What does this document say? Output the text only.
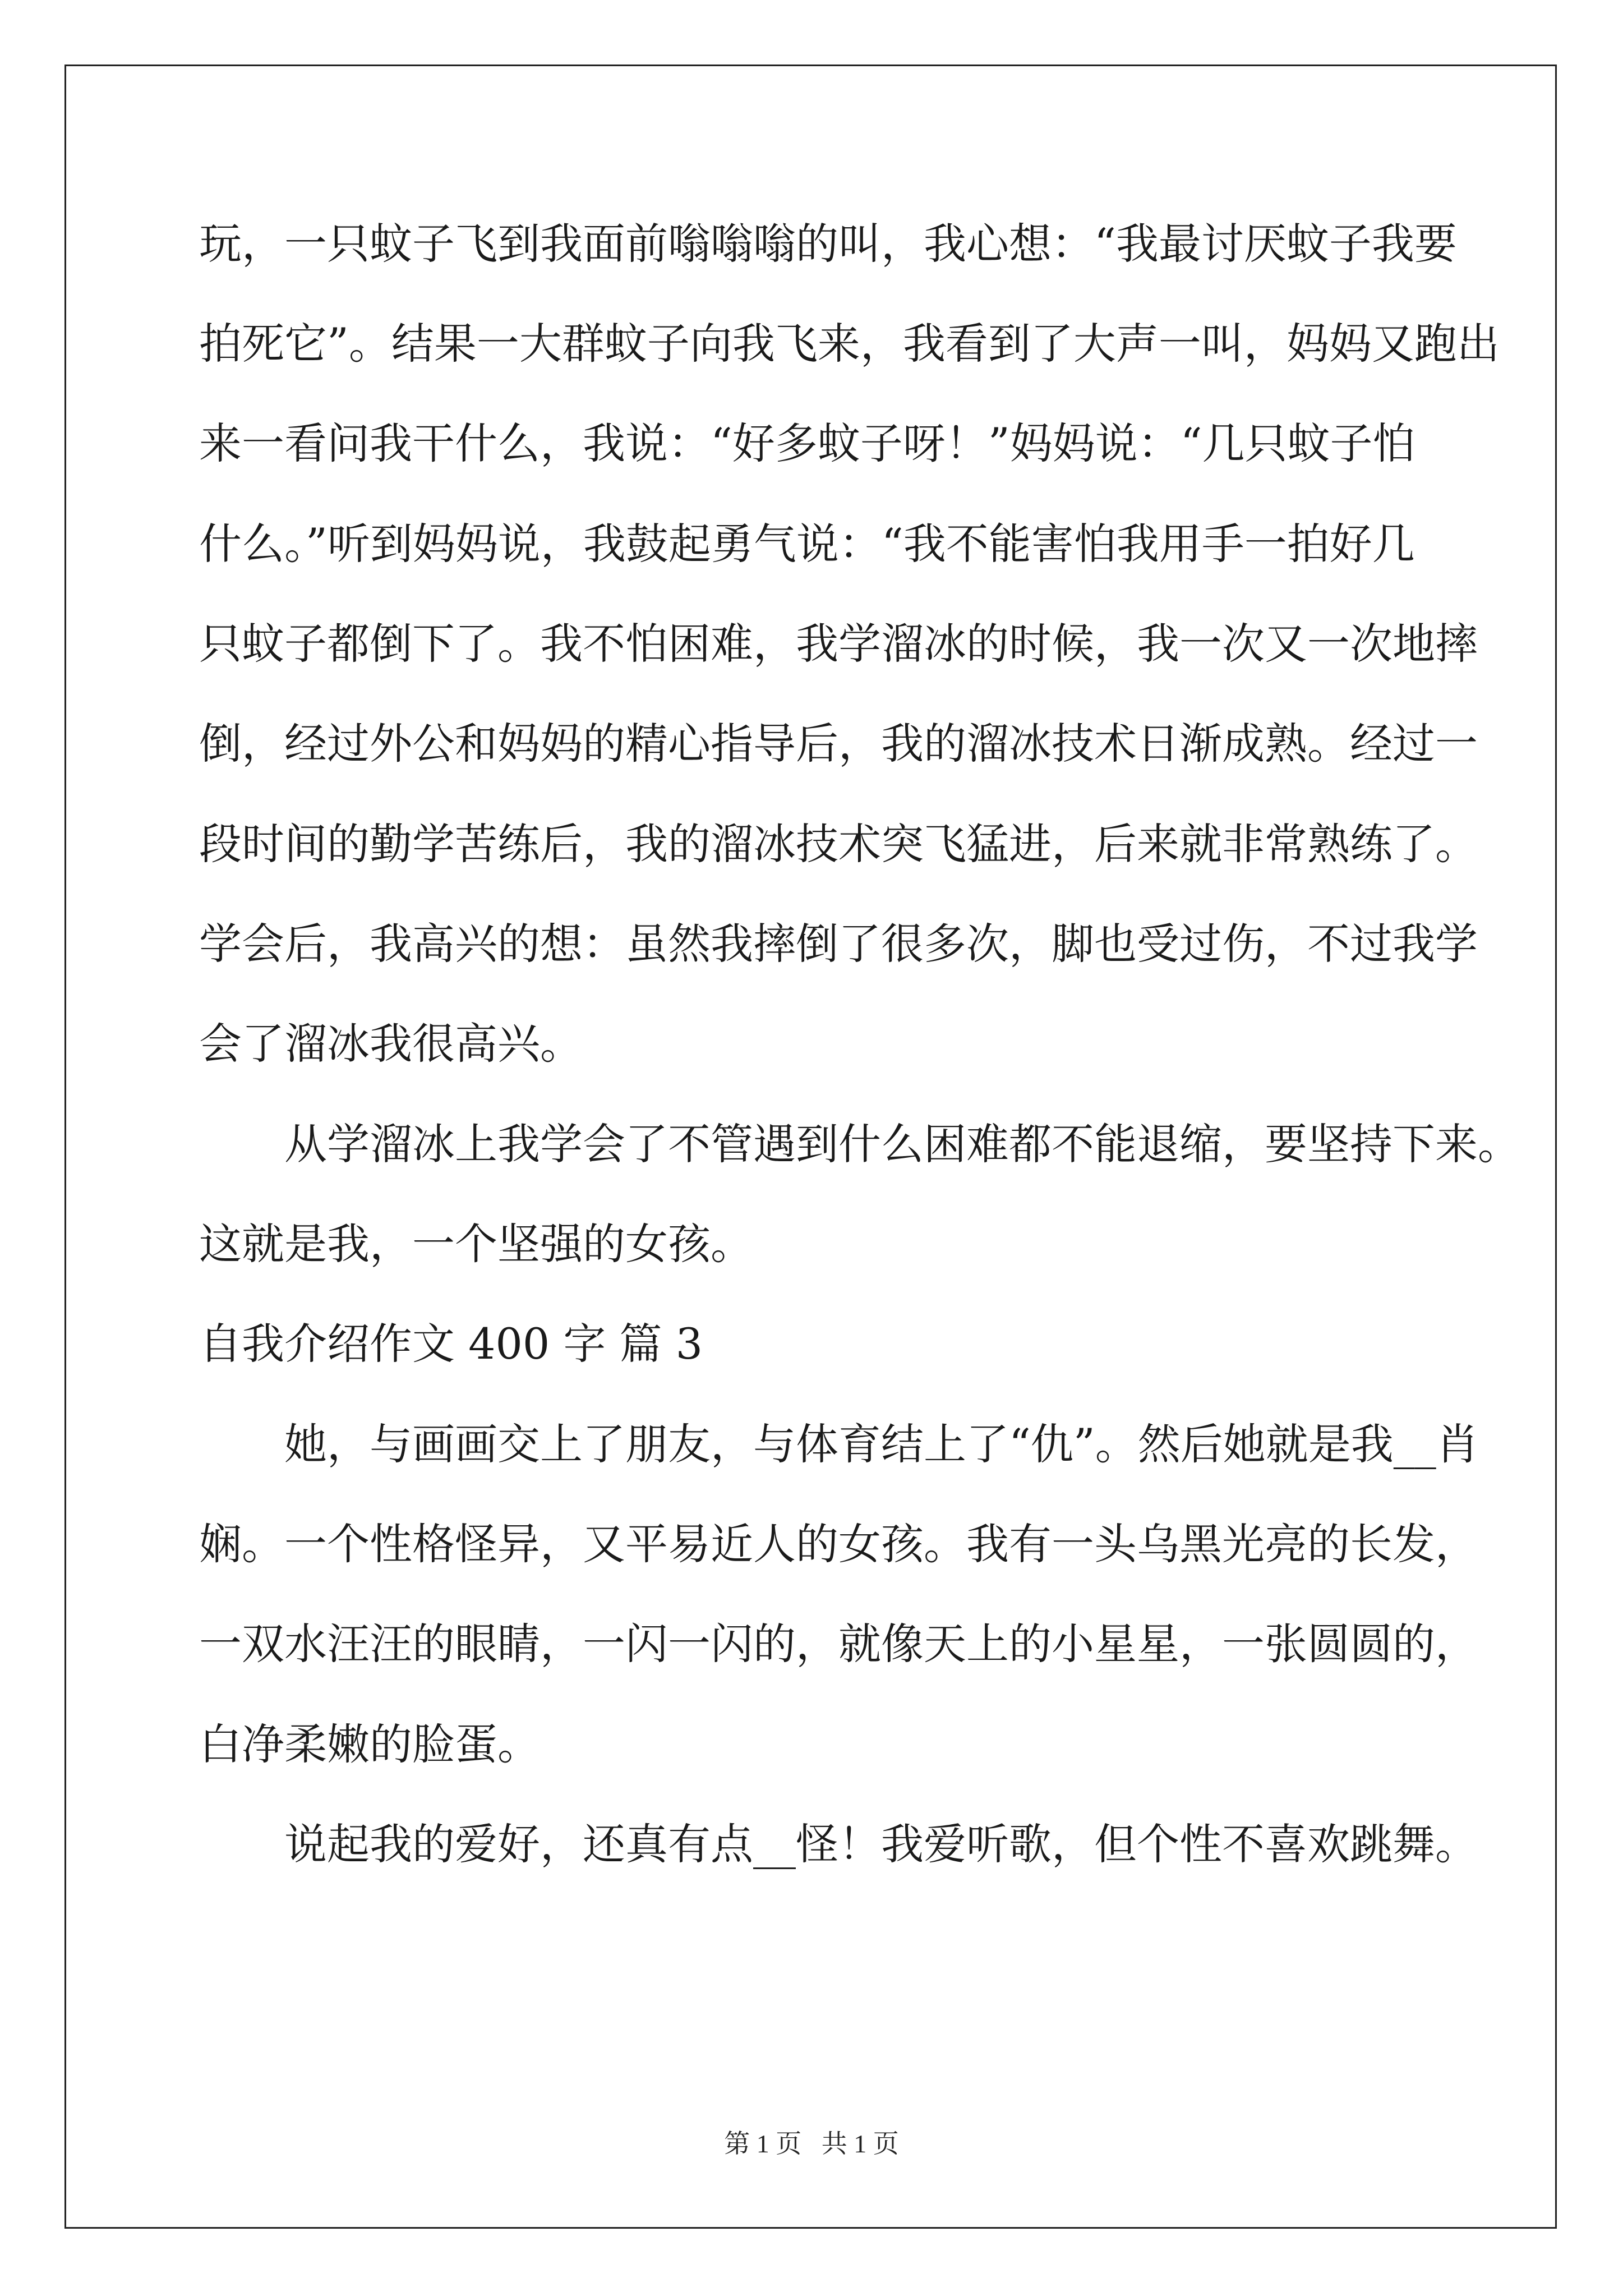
玩，一只蚊子飞到我面前嗡嗡嗡的叫，我心想：“我最讨厌蚊子我要
拍死它”。结果一大群蚊子向我飞来，我看到了大声一叫，妈妈又跑出
来一看问我干什么，我说：“好多蚊子呀！”妈妈说：“几只蚊子怕
什么。”听到妈妈说，我鼓起勇气说：“我不能害怕我用手一拍好几
只蚊子都倒下了。我不怕困难，我学溜冰的时候，我一次又一次地摔
倒，经过外公和妈妈的精心指导后，我的溜冰技术日渐成熟。经过一
段时间的勤学苦练后，我的溜冰技术突飞猛进，后来就非常熟练了。
学会后，我高兴的想：虽然我摔倒了很多次，脚也受过伤，不过我学
会了溜冰我很高兴。
从学溜冰上我学会了不管遇到什么困难都不能退缩，要坚持下来。
这就是我，一个坚强的女孩。
自我介绍作文 400 字 篇 3
她，与画画交上了朋友，与体育结上了“仇”。然后她就是我__肖
娴。一个性格怪异，又平易近人的女孩。我有一头乌黑光亮的长发，
一双水汪汪的眼睛，一闪一闪的，就像天上的小星星，一张圆圆的，
白净柔嫩的脸蛋。
说起我的爱好，还真有点__怪！我爱听歌，但个性不喜欢跳舞。
第 1 页 共 1 页
